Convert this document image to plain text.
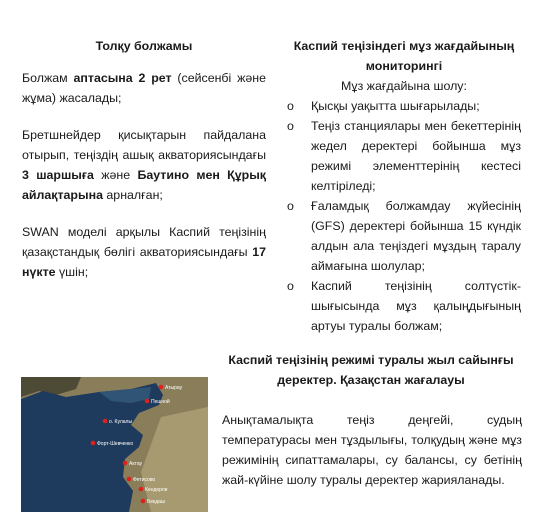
Толқу болжамы

Болжам аптасына 2 рет (сейсенбі және жұма) жасалады;

Бретшнейдер қисықтарын пайдалана отырып, теңіздің ашық акваториясындағы 3 шаршыға және Баутино мен Құрық айлақтарына арналған;

SWAN моделі арқылы Каспий теңізінің қазақстандық бөлігі акваториясындағы 17 нүкте үшін;

Каспий теңізіндегі мұз жағдайының мониторингі
Мұз жағдайына шолу:
o	Қысқы уақытта шығарылады;
o	Теңіз станциялары мен бекеттерінің жедел деректері бойынша мұз режимі элементтерінің кестесі келтіріледі;
o	Ғаламдық болжамдау жүйесінің (GFS) деректері бойынша 15 күндік алдын ала теңіздегі мұздың таралу аймағына шолулар;
o	Каспий теңізінің солтүстік-шығысында мұз қалыңдығының артуы туралы болжам;
Каспий теңізінің режимі туралы жыл сайынғы деректер. Қазақстан жағалауы
Атырау
Пешной
о. Кулалы
Форт-Шевченко
Актау
Фетисово
Кендерли
Бекдаш
Анықтамалықта теңіз деңгейі, судың температурасы мен тұздылығы, толқудың және мұз режимінің сипаттамалары, су балансы, су бетінің жай-күйіне шолу туралы деректер жарияланады.
